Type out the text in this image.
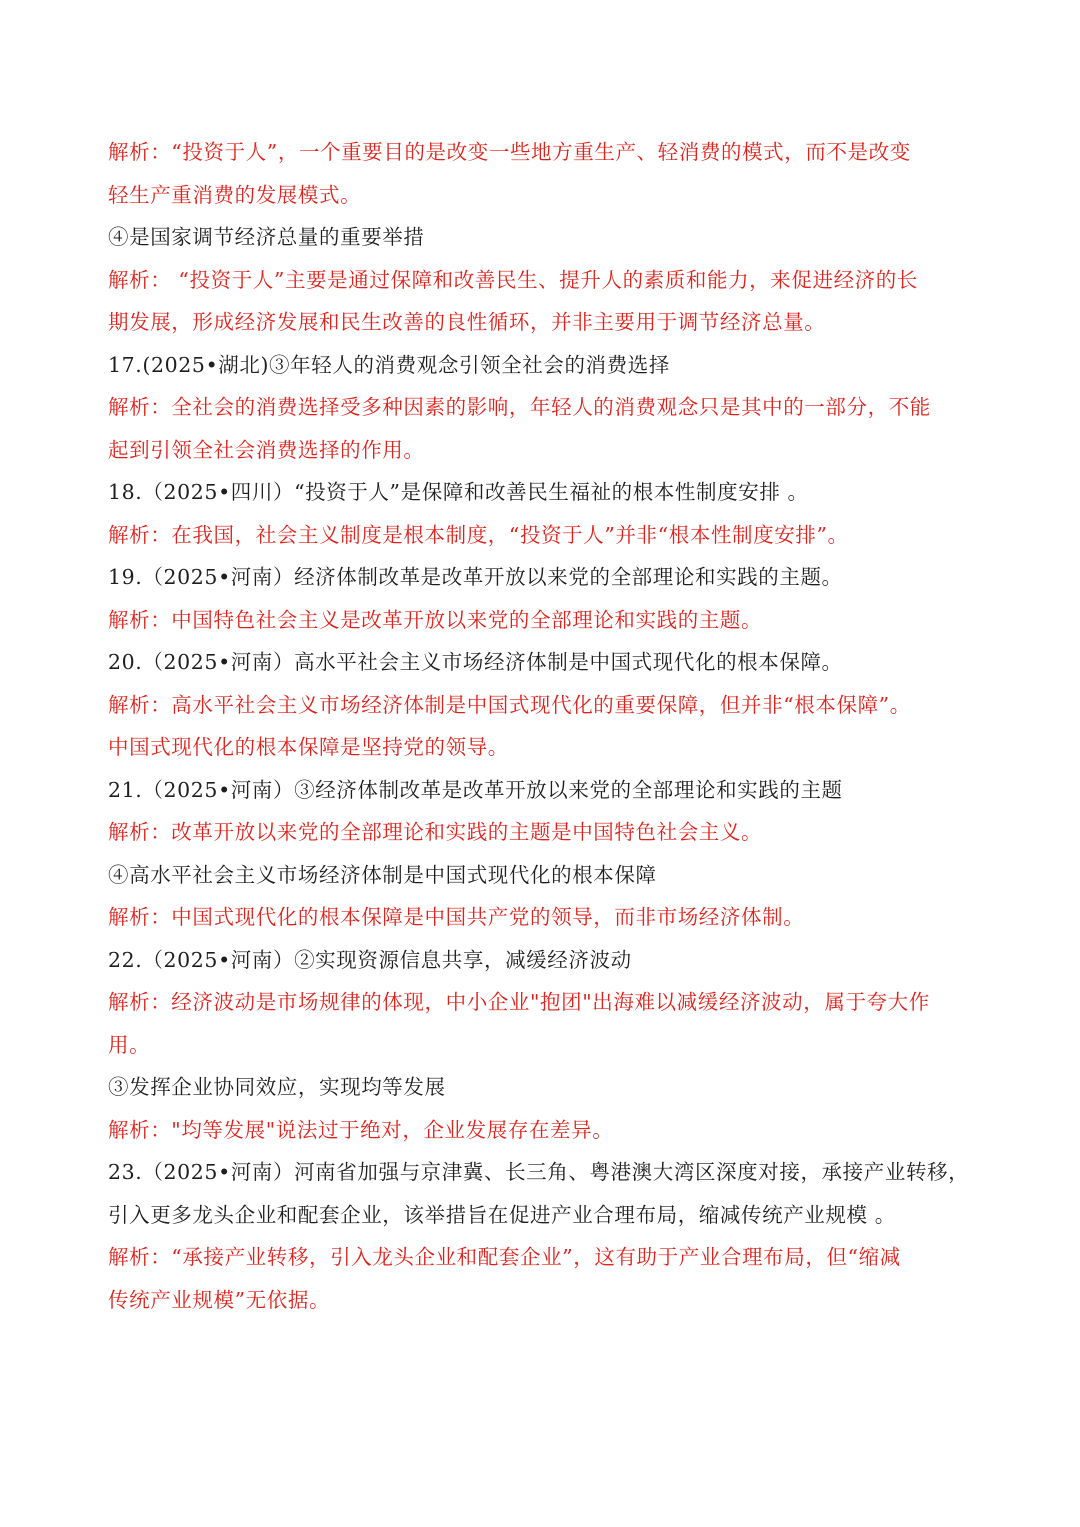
解析：“投资于人”，一个重要目的是改变一些地方重生产、轻消费的模式，而不是改变
轻生产重消费的发展模式。
④是国家调节经济总量的重要举措
解析： “投资于人”主要是通过保障和改善民生、提升人的素质和能力，来促进经济的长
期发展，形成经济发展和民生改善的良性循环，并非主要用于调节经济总量。
17.(2025•湖北)③年轻人的消费观念引领全社会的消费选择
解析：全社会的消费选择受多种因素的影响，年轻人的消费观念只是其中的一部分，不能
起到引领全社会消费选择的作用。
18.（2025•四川）“投资于人”是保障和改善民生福祉的根本性制度安排 。
解析：在我国，社会主义制度是根本制度，“投资于人”并非“根本性制度安排”。
19.（2025•河南）经济体制改革是改革开放以来党的全部理论和实践的主题。
解析：中国特色社会主义是改革开放以来党的全部理论和实践的主题。
20.（2025•河南）高水平社会主义市场经济体制是中国式现代化的根本保障。
解析：高水平社会主义市场经济体制是中国式现代化的重要保障，但并非“根本保障”。
中国式现代化的根本保障是坚持党的领导。
21.（2025•河南）③经济体制改革是改革开放以来党的全部理论和实践的主题
解析：改革开放以来党的全部理论和实践的主题是中国特色社会主义。
④高水平社会主义市场经济体制是中国式现代化的根本保障
解析：中国式现代化的根本保障是中国共产党的领导，而非市场经济体制。
22.（2025•河南）②实现资源信息共享，减缓经济波动
解析：经济波动是市场规律的体现，中小企业"抱团"出海难以减缓经济波动，属于夸大作
用。
③发挥企业协同效应，实现均等发展
解析："均等发展"说法过于绝对，企业发展存在差异。
23.（2025•河南）河南省加强与京津冀、长三角、粤港澳大湾区深度对接，承接产业转移，
引入更多龙头企业和配套企业，该举措旨在促进产业合理布局，缩减传统产业规模 。
解析：“承接产业转移，引入龙头企业和配套企业”，这有助于产业合理布局，但“缩减
传统产业规模”无依据。
